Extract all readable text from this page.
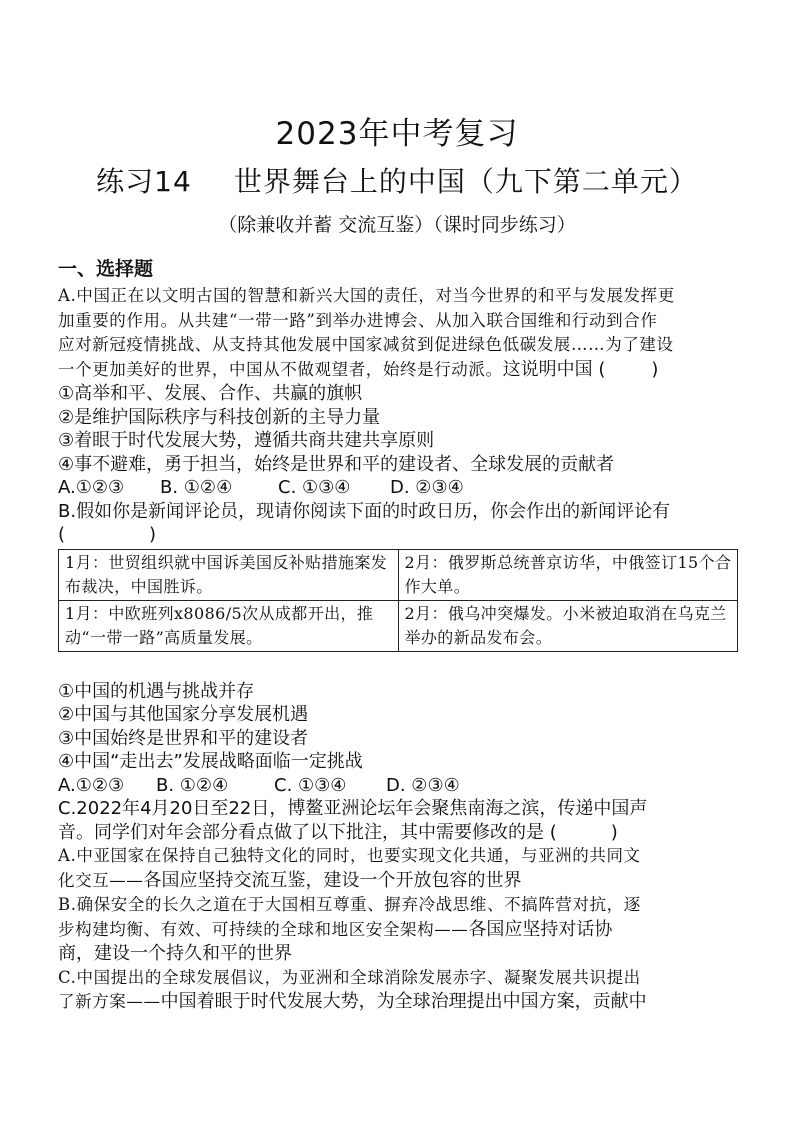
2023年中考复习
练习14 世界舞台上的中国（九下第二单元）
（除兼收并蓄 交流互鉴）（课时同步练习）
一、选择题
A.中国正在以文明古国的智慧和新兴大国的责任，对当今世界的和平与发展发挥更
加重要的作用。从共建“一带一路”到举办进博会、从加入联合国维和行动到合作
应对新冠疫情挑战、从支持其他发展中国家减贫到促进绿色低碳发展……为了建设
一个更加美好的世界，中国从不做观望者，始终是行动派。这说明中国 (	)
①高举和平、发展、合作、共赢的旗帜
②是维护国际秩序与科技创新的主导力量
③着眼于时代发展大势，遵循共商共建共享原则
④事不避难，勇于担当，始终是世界和平的建设者、全球发展的贡献者
A.①②③ B. ①②④	C. ①③④ D. ②③④
B.假如你是新闻评论员，现请你阅读下面的时政日历，你会作出的新闻评论有
(	)
1月：世贸组织就中国诉美国反补贴措施案发布裁决，中国胜诉。	2月：俄罗斯总统普京访华，中俄签订15个合作大单。
1月：中欧班列x8086/5次从成都开出，推动“一带一路”高质量发展。	2月：俄乌冲突爆发。小米被迫取消在乌克兰举办的新品发布会。
①中国的机遇与挑战并存
②中国与其他国家分享发展机遇
③中国始终是世界和平的建设者
④中国“走出去”发展战略面临一定挑战
A.①②③ B. ①②④	C. ①③④ D. ②③④
C.2022年4月20日至22日，博鳌亚洲论坛年会聚焦南海之滨，传递中国声
音。同学们对年会部分看点做了以下批注，其中需要修改的是 (	)
A.中亚国家在保持自己独特文化的同时，也要实现文化共通，与亚洲的共同文
化交互——各国应坚持交流互鉴，建设一个开放包容的世界
B.确保安全的长久之道在于大国相互尊重、摒弃冷战思维、不搞阵营对抗，逐
步构建均衡、有效、可持续的全球和地区安全架构——各国应坚持对话协
商，建设一个持久和平的世界
C.中国提出的全球发展倡议，为亚洲和全球消除发展赤字、凝聚发展共识提出
了新方案——中国着眼于时代发展大势，为全球治理提出中国方案，贡献中
